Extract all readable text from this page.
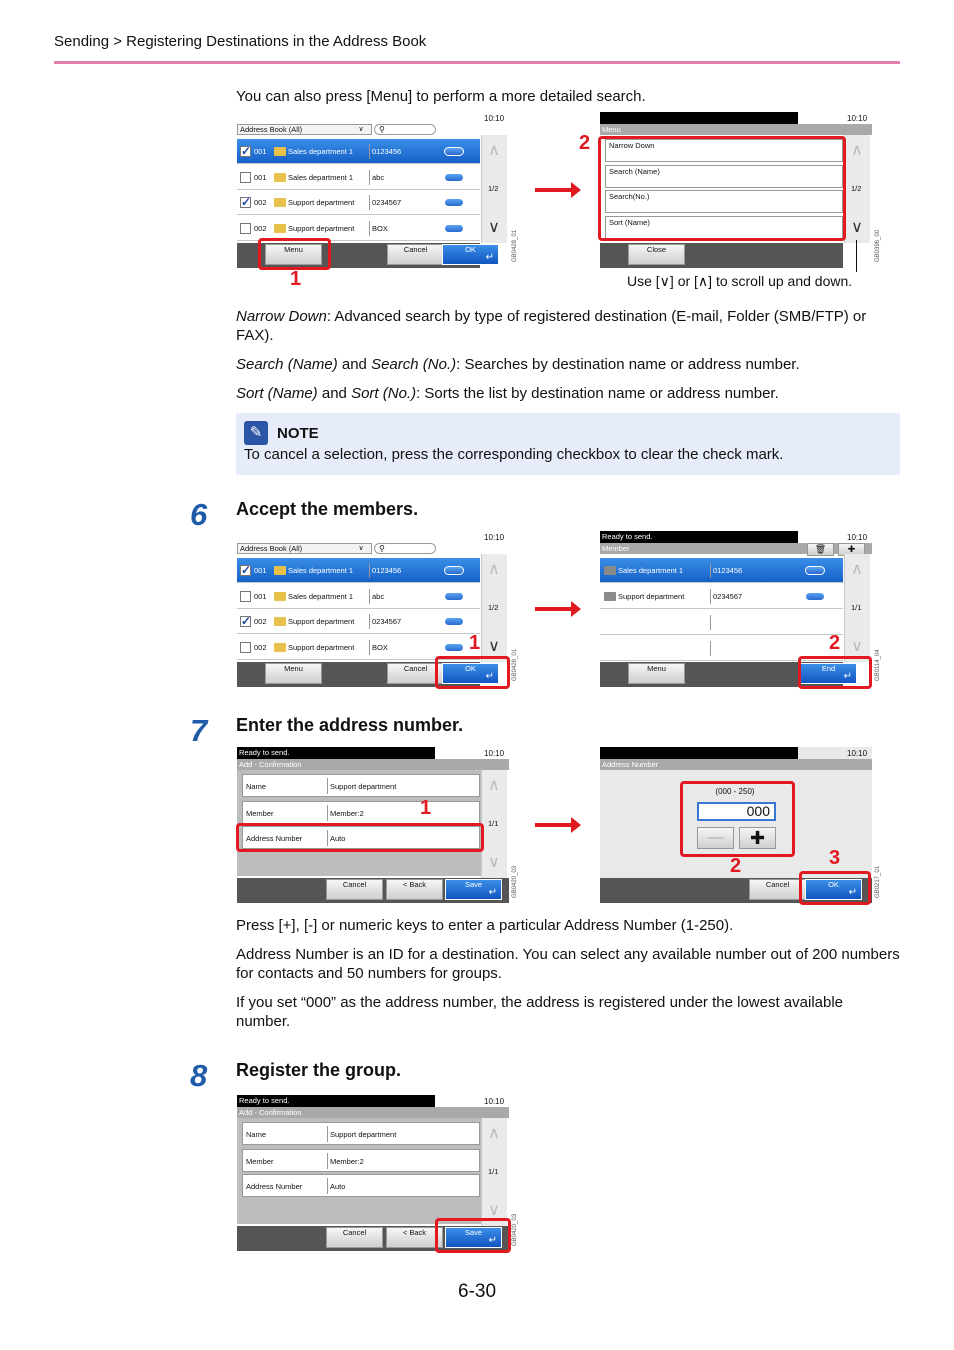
Sending > Registering Destinations in the Address Book
You can also press [Menu] to perform a more detailed search.
10:10
Address Book (All)	∨	⚲
✓ 001	Sales department 1	0123456
001	Sales department 1	abc
✓ 002	Support department 0234567
002	Support department BOX
∧
1/2
∨
Menu	Cancel	OK
↵	GB0428_01
1
10:10
Menu
Narrow Down
Search (Name)
Search(No.)
Sort (Name)
∧
1/2
∨
Close	GB0396_00
2
Use [∨] or [∧] to scroll up and down.
Narrow Down: Advanced search by type of registered destination (E-mail, Folder (SMB/FTP) or FAX).
Search (Name) and Search (No.): Searches by destination name or address number.
Sort (Name) and Sort (No.): Sorts the list by destination name or address number.
✎ NOTE
To cancel a selection, press the corresponding checkbox to clear the check mark.
6 Accept the members.
10:10
Address Book (All)	∨	⚲
✓ 001	Sales department 1	0123456
001	Sales department 1	abc
✓ 002	Support department 0234567
002	Support department BOX
∧
1/2
∨
Menu	Cancel	OK
↵	GB0428_01
1
Ready to send.	10:10
Member	🗑	✚
Sales department 1	0123456
Support department	0234567
∧
1/1
∨
Menu	End
↵	GB0114_04
2
7 Enter the address number.
Ready to send.	10:10
Add - Confirmation
Name	Support department
Member	Member:2
Address Number	Auto
∧
1/1
∨
Cancel	< Back	Save
↵	GB0420_03
1
10:10
Address Number
(000 - 250)
000
—	✚
Cancel	OK
↵	GB0217_01
2	3
Press [+], [-] or numeric keys to enter a particular Address Number (1-250).
Address Number is an ID for a destination. You can select any available number out of 200 numbers for contacts and 50 numbers for groups.
If you set “000” as the address number, the address is registered under the lowest available number.
8 Register the group.
Ready to send.	10:10
Add - Confirmation
Name	Support department
Member	Member:2
Address Number	Auto
∧
1/1
∨
Cancel	< Back	Save
↵	GB0420_03
6-30
